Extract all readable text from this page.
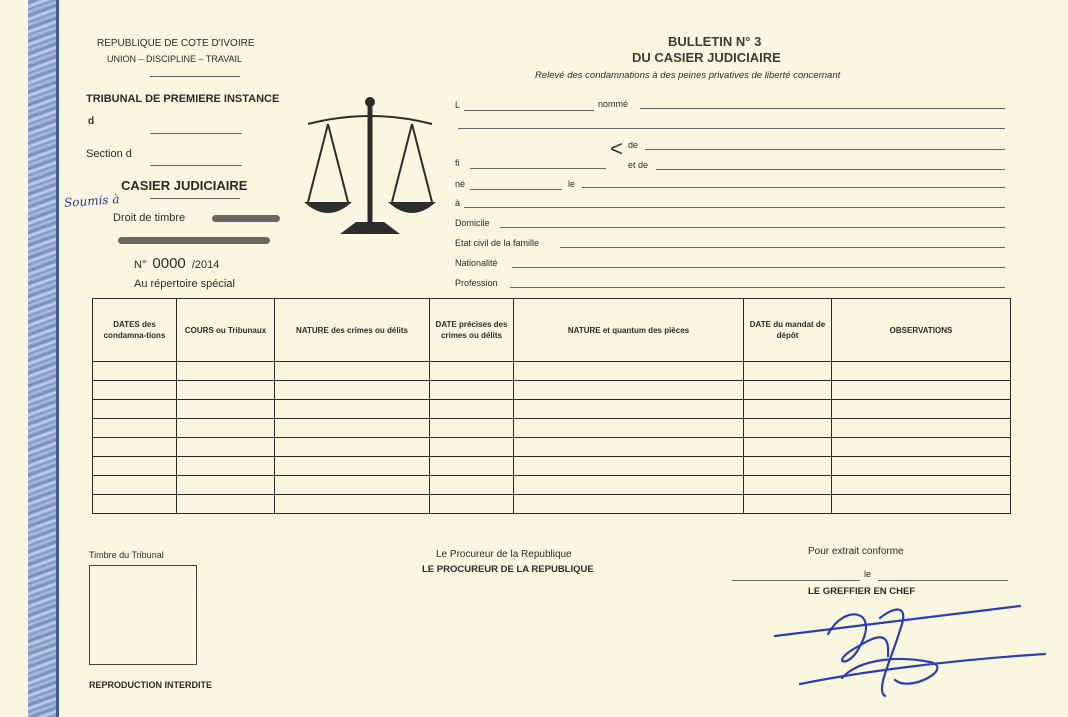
REPUBLIQUE DE COTE D'IVOIRE
UNION – DISCIPLINE – TRAVAIL
TRIBUNAL DE PREMIERE INSTANCE
d
Section d
CASIER JUDICIAIRE
Soumis à
Droit de timbre
N° 0000 /2014
Au répertoire spécial
BULLETIN N° 3
DU CASIER JUDICIAIRE
Relevé des condamnations à des peines privatives de liberté concernant
L	nommé
< de
fi	et de
né	le
à
Domicile
Etat civil de la famille
Nationalité
Profession
DATES des condamna-tions	COURS ou Tribunaux	NATURE des crimes ou délits	DATE précises des crimes ou délits	NATURE et quantum des pièces	DATE du mandat de dépôt	OBSERVATIONS

Timbre du Tribunal	Le Procureur de la Republique
LE PROCUREUR DE LA REPUBLIQUE
Pour extrait conforme
le
LE GREFFIER EN CHEF
REPRODUCTION INTERDITE
